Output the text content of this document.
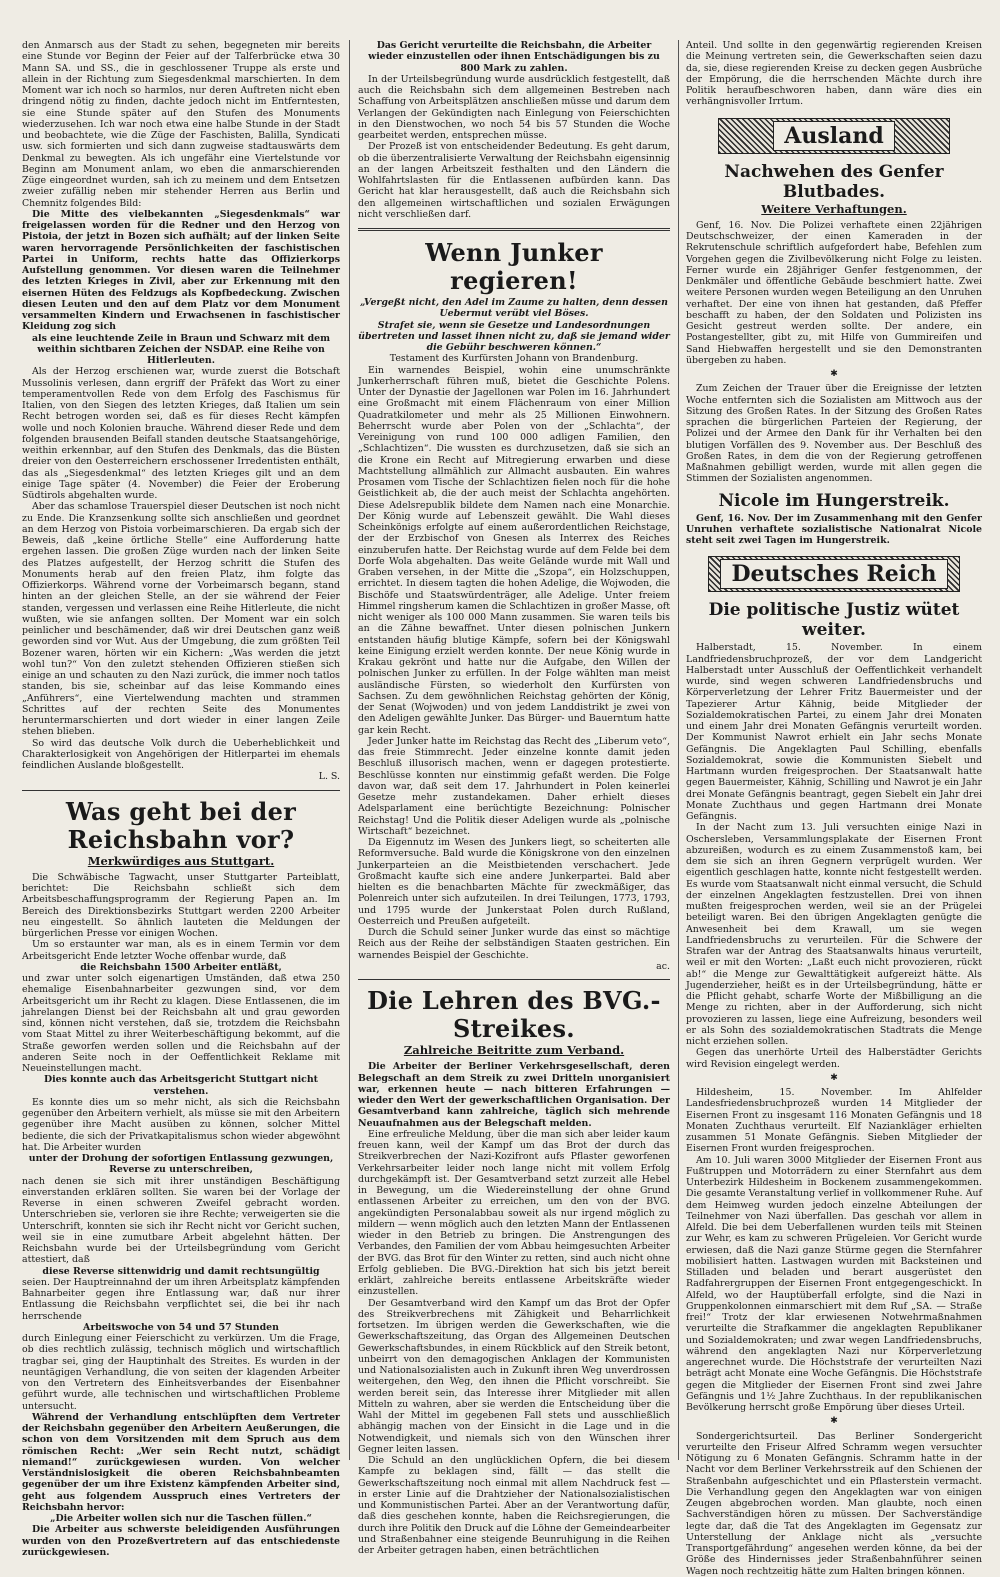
den Anmarsch aus der Stadt zu sehen, begegneten mir bereits eine Stunde vor Beginn der Feier auf der Talferbrücke etwa 30 Mann SA. und SS., die in geschlossener Truppe als erste und allein in der Richtung zum Siegesdenkmal marschierten. In dem Moment war ich noch so harmlos, nur deren Auftreten nicht eben dringend nötig zu finden, dachte jedoch nicht im Entferntesten, sie eine Stunde später auf den Stufen des Monuments wiederzusehen. Ich war noch etwa eine halbe Stunde in der Stadt und beobachtete, wie die Züge der Faschisten, Balilla, Syndicati usw. sich formierten und sich dann zugweise stadtauswärts dem Denkmal zu bewegten. Als ich ungefähr eine Viertelstunde vor Beginn am Monument anlam, wo eben die anmarschierenden Züge eingeordnet wurden, sah ich zu meinem und dem Entsetzen zweier zufällig neben mir stehender Herren aus Berlin und Chemnitz folgendes Bild:

Die Mitte des vielbekannten „Siegesdenkmals“ war freigelassen worden für die Redner und den Herzog von Pistoia, der jetzt in Bozen sich aufhält; auf der linken Seite waren hervorragende Persönlichkeiten der faschistischen Partei in Uniform, rechts hatte das Offizierkorps Aufstellung genommen. Vor diesen waren die Teilnehmer des letzten Krieges in Zivil, aber zur Erkennung mit den eisernen Hüten des Feldzugs als Kopfbedeckung. Zwischen diesen Leuten und den auf dem Platz vor dem Monument versammelten Kindern und Erwachsenen in faschistischer Kleidung zog sich

als eine leuchtende Zeile in Braun und Schwarz mit dem weithin sichtbaren Zeichen der NSDAP. eine Reihe von Hitlerleuten.

Als der Herzog erschienen war, wurde zuerst die Botschaft Mussolinis verlesen, dann ergriff der Präfekt das Wort zu einer temperamentvollen Rede von dem Erfolg des Faschismus für Italien, von den Siegen des letzten Krieges, daß Italien um sein Recht betrogen worden sei, daß es für dieses Recht kämpfen wolle und noch Kolonien brauche. Während dieser Rede und dem folgenden brausenden Beifall standen deutsche Staatsangehörige, weithin erkennbar, auf den Stufen des Denkmals, das die Büsten dreier von den Oesterreichern erschossener Irredentisten enthält, das als „Siegesdenkmal“ des letzten Krieges gilt und an dem einige Tage später (4. November) die Feier der Eroberung Südtirols abgehalten wurde.

Aber das schamlose Trauerspiel dieser Deutschen ist noch nicht zu Ende. Die Kranzsenkung sollte sich anschließen und geordnet an dem Herzog von Pistoia vorbeimarschieren. Da ergab sich der Beweis, daß „keine örtliche Stelle“ eine Aufforderung hatte ergehen lassen. Die großen Züge wurden nach der linken Seite des Platzes aufgestellt, der Herzog schritt die Stufen des Monuments herab auf den freien Platz, ihm folgte das Offizierkorps. Während vorne der Vorbeimarsch begann, stand hinten an der gleichen Stelle, an der sie während der Feier standen, vergessen und verlassen eine Reihe Hitlerleute, die nicht wußten, wie sie anfangen sollten. Der Moment war ein solch peinlicher und beschämender, daß wir drei Deutschen ganz weiß geworden sind vor Wut. Aus der Umgebung, die zum größten Teil Bozener waren, hörten wir ein Kichern: „Was werden die jetzt wohl tun?“ Von den zuletzt stehenden Offizieren stießen sich einige an und schauten zu den Nazi zurück, die immer noch tatlos standen, bis sie, scheinbar auf das leise Kommando eines „Anführers“, eine Viertelwendung machten und strammen Schrittes auf der rechten Seite des Monumentes heruntermarschierten und dort wieder in einer langen Zeile stehen blieben.

So wird das deutsche Volk durch die Ueberheblichkeit und Charakterlosigkeit von Angehörigen der Hitlerpartei im ehemals feindlichen Auslande bloßgestellt.

L. S.

Was geht bei der Reichsbahn vor?
Merkwürdiges aus Stuttgart.

Die Schwäbische Tagwacht, unser Stuttgarter Parteiblatt, berichtet: Die Reichsbahn schließt sich dem Arbeitsbeschaffungsprogramm der Regierung Papen an. Im Bereich des Direktionsbezirks Stuttgart werden 2200 Arbeiter neu eingestellt. So ähnlich lauteten die Meldungen der bürgerlichen Presse vor einigen Wochen.

Um so erstaunter war man, als es in einem Termin vor dem Arbeitsgericht Ende letzter Woche offenbar wurde, daß

die Reichsbahn 1500 Arbeiter entläßt,

und zwar unter solch eigenartigen Umständen, daß etwa 250 ehemalige Eisenbahnarbeiter gezwungen sind, vor dem Arbeitsgericht um ihr Recht zu klagen. Diese Entlassenen, die im jahrelangen Dienst bei der Reichsbahn alt und grau geworden sind, können nicht verstehen, daß sie, trotzdem die Reichsbahn vom Staat Mittel zu ihrer Weiterbeschäftigung bekommt, auf die Straße geworfen werden sollen und die Reichsbahn auf der anderen Seite noch in der Oeffentlichkeit Reklame mit Neueinstellungen macht.

Dies konnte auch das Arbeitsgericht Stuttgart nicht verstehen.

Es konnte dies um so mehr nicht, als sich die Reichsbahn gegenüber den Arbeitern verhielt, als müsse sie mit den Arbeitern gegenüber ihre Macht ausüben zu können, solcher Mittel bediente, die sich der Privatkapitalismus schon wieder abgewöhnt hat. Die Arbeiter wurden

unter der Drohung der sofortigen Entlassung gezwungen, Reverse zu unterschreiben,

nach denen sie sich mit ihrer unständigen Beschäftigung einverstanden erklären sollten. Sie waren bei der Vorlage der Reverse in einen schweren Zweifel gebracht worden. Unterschrieben sie, verloren sie ihre Rechte; verweigerten sie die Unterschrift, konnten sie sich ihr Recht nicht vor Gericht suchen, weil sie in eine zumutbare Arbeit abgelehnt hätten. Der Reichsbahn wurde bei der Urteilsbegründung vom Gericht attestiert, daß

diese Reverse sittenwidrig und damit rechtsungültig

seien. Der Hauptreinnahnd der um ihren Arbeitsplatz kämpfenden Bahnarbeiter gegen ihre Entlassung war, daß nur ihrer Entlassung die Reichsbahn verpflichtet sei, die bei ihr nach herrschende

Arbeitswoche von 54 und 57 Stunden

durch Einlegung einer Feierschicht zu verkürzen. Um die Frage, ob dies rechtlich zulässig, technisch möglich und wirtschaftlich tragbar sei, ging der Hauptinhalt des Streites. Es wurden in der neuntägigen Verhandlung, die von seiten der klagenden Arbeiter von den Vertretern des Einheitsverbandes der Eisenbahner geführt wurde, alle technischen und wirtschaftlichen Probleme untersucht.

Während der Verhandlung entschlüpften dem Vertreter der Reichsbahn gegenüber den Arbeitern Aeußerungen, die schon von dem Vorsitzenden mit dem Spruch aus dem römischen Recht: „Wer sein Recht nutzt, schädigt niemand!“ zurückgewiesen wurden. Von welcher Verständnislosigkeit die oberen Reichsbahnbeamten gegenüber der um ihre Existenz kämpfenden Arbeiter sind, geht aus folgendem Ausspruch eines Vertreters der Reichsbahn hervor:

„Die Arbeiter wollen sich nur die Taschen füllen.“

Die Arbeiter aus schwerste beleidigenden Ausführungen wurden von den Prozeßvertretern auf das entschiedenste zurückgewiesen.

Das Gericht verurteilte die Reichsbahn, die Arbeiter wieder einzustellen oder ihnen Entschädigungen bis zu 800 Mark zu zahlen.

In der Urteilsbegründung wurde ausdrücklich festgestellt, daß auch die Reichsbahn sich dem allgemeinen Bestreben nach Schaffung von Arbeitsplätzen anschließen müsse und darum dem Verlangen der Gekündigten nach Einlegung von Feierschichten in den Dienstwochen, wo noch 54 bis 57 Stunden die Woche gearbeitet werden, entsprechen müsse.

Der Prozeß ist von entscheidender Bedeutung. Es geht darum, ob die überzentralisierte Verwaltung der Reichsbahn eigensinnig an der langen Arbeitszeit festhalten und den Ländern die Wohlfahrtslasten für die Entlassenen aufbürden kann. Das Gericht hat klar herausgestellt, daß auch die Reichsbahn sich den allgemeinen wirtschaftlichen und sozialen Erwägungen nicht verschließen darf.

Wenn Junker regieren!

„Vergeßt nicht, den Adel im Zaume zu halten, denn dessen Uebermut verübt viel Böses.

Strafet sie, wenn sie Gesetze und Landesordnungen übertreten und lasset ihnen nicht zu, daß sie jemand wider die Gebühr beschweren können.“

Testament des Kurfürsten Johann von Brandenburg.

Ein warnendes Beispiel, wohin eine unumschränkte Junkerherrschaft führen muß, bietet die Geschichte Polens. Unter der Dynastie der Jagellonen war Polen im 16. Jahrhundert eine Großmacht mit einem Flächenraum von einer Million Quadratkilometer und mehr als 25 Millionen Einwohnern. Beherrscht wurde aber Polen von der „Schlachta“, der Vereinigung von rund 100 000 adligen Familien, den „Schlachtizen“. Die wussten es durchzusetzen, daß sie sich an die Krone ein Recht auf Mitregierung erwarben und diese Machtstellung allmählich zur Allmacht ausbauten. Ein wahres Prosamen vom Tische der Schlachtizen fielen noch für die hohe Geistlichkeit ab, die der auch meist der Schlachta angehörten. Diese Adelsrepublik bildete dem Namen nach eine Monarchie. Der König wurde auf Lebenszeit gewählt. Die Wahl dieses Scheinkönigs erfolgte auf einem außerordentlichen Reichstage, der der Erzbischof von Gnesen als Interrex des Reiches einzuberufen hatte. Der Reichstag wurde auf dem Felde bei dem Dorfe Wola abgehalten. Das weite Gelände wurde mit Wall und Graben versehen, in der Mitte die „Szopa“, ein Holzschuppen, errichtet. In diesem tagten die hohen Adelige, die Wojwoden, die Bischöfe und Staatswürdenträger, alle Adelige. Unter freiem Himmel ringsherum kamen die Schlachtizen in großer Masse, oft nicht weniger als 100 000 Mann zusammen. Sie waren teils bis an die Zähne bewaffnet. Unter diesen polnischen Junkern entstanden häufig blutige Kämpfe, sofern bei der Königswahl keine Einigung erzielt werden konnte. Der neue König wurde in Krakau gekrönt und hatte nur die Aufgabe, den Willen der polnischen Junker zu erfüllen. In der Folge wählten man meist ausländische Fürsten, so wiederholt den Kurfürsten von Sachsen. Zu dem gewöhnlichen Reichstag gehörten der König, der Senat (Wojwoden) und von jedem Landdistrikt je zwei von den Adeligen gewählte Junker. Das Bürger- und Bauerntum hatte gar kein Recht.

Jeder Junker hatte im Reichstag das Recht des „Liberum veto“, das freie Stimmrecht. Jeder einzelne konnte damit jeden Beschluß illusorisch machen, wenn er dagegen protestierte. Beschlüsse konnten nur einstimmig gefaßt werden. Die Folge davon war, daß seit dem 17. Jahrhundert in Polen keinerlei Gesetze mehr zustandekamen. Daher erhielt dieses Adelsparlament eine berüchtigte Bezeichnung: Polnischer Reichstag! Und die Politik dieser Adeligen wurde als „polnische Wirtschaft“ bezeichnet.

Da Eigennutz im Wesen des Junkers liegt, so scheiterten alle Reformversuche. Bald wurde die Königskrone von den einzelnen Junkerparteien an die Meistbietenden verschachert. Jede Großmacht kaufte sich eine andere Junkerpartei. Bald aber hielten es die benachbarten Mächte für zweckmäßiger, das Polenreich unter sich aufzuteilen. In drei Teilungen, 1773, 1793, und 1795 wurde der Junkerstaat Polen durch Rußland, Oesterreich und Preußen aufgeteilt.

Durch die Schuld seiner Junker wurde das einst so mächtige Reich aus der Reihe der selbständigen Staaten gestrichen. Ein warnendes Beispiel der Geschichte.

ac.

Die Lehren des BVG.-Streikes.
Zahlreiche Beitritte zum Verband.

Die Arbeiter der Berliner Verkehrsgesellschaft, deren Belegschaft an dem Streik zu zwei Dritteln unorganisiert war, erkennen heute — nach bitteren Erfahrungen — wieder den Wert der gewerkschaftlichen Organisation. Der Gesamtverband kann zahlreiche, täglich sich mehrende Neuaufnahmen aus der Belegschaft melden.

Eine erfreuliche Meldung, über die man sich aber leider kaum freuen kann, weil der Kampf um das Brot der durch das Streikverbrechen der Nazi-Kozifront aufs Pflaster geworfenen Verkehrsarbeiter leider noch lange nicht mit vollem Erfolg durchgekämpft ist. Der Gesamtverband setzt zurzeit alle Hebel in Bewegung, um die Wiedereinstellung der ohne Grund entlassenen Arbeiter zu erreichen, um den von der BVG. angekündigten Personalabbau soweit als nur irgend möglich zu mildern — wenn möglich auch den letzten Mann der Entlassenen wieder in den Betrieb zu bringen. Die Anstrengungen des Verbandes, den Familien der vom Abbau heimgesuchten Arbeiter der BVG. das Brot für den Winter zu retten, sind auch nicht ohne Erfolg geblieben. Die BVG.-Direktion hat sich bis jetzt bereit erklärt, zahlreiche bereits entlassene Arbeitskräfte wieder einzustellen.

Der Gesamtverband wird den Kampf um das Brot der Opfer des Streikverbrechens mit Zähigkeit und Beharrlichkeit fortsetzen. Im übrigen werden die Gewerkschaften, wie die Gewerkschaftszeitung, das Organ des Allgemeinen Deutschen Gewerkschaftsbundes, in einem Rückblick auf den Streik betont, unbeirrt von den demagogischen Anklagen der Kommunisten und Nationalsozialisten auch in Zukunft ihren Weg unverdrossen weitergehen, den Weg, den ihnen die Pflicht vorschreibt. Sie werden bereit sein, das Interesse ihrer Mitglieder mit allen Mitteln zu wahren, aber sie werden die Entscheidung über die Wahl der Mittel im gegebenen Fall stets und ausschließlich abhängig machen von der Einsicht in die Lage und in die Notwendigkeit, und niemals sich von den Wünschen ihrer Gegner leiten lassen.

Die Schuld an den unglücklichen Opfern, die bei diesem Kampfe zu beklagen sind, fällt — das stellt die Gewerkschaftszeitung noch einmal mit allem Nachdruck fest — in erster Linie auf die Drahtzieher der Nationalsozialistischen und Kommunistischen Partei. Aber an der Verantwortung dafür, daß dies geschehen konnte, haben die Reichsregierungen, die durch ihre Politik den Druck auf die Löhne der Gemeindearbeiter und Straßenbahner eine steigende Beunruhigung in die Reihen der Arbeiter getragen haben, einen beträchtlichen

Anteil. Und sollte in den gegenwärtig regierenden Kreisen die Meinung vertreten sein, die Gewerkschaften seien dazu da, sie, diese regierenden Kreise zu decken gegen Ausbrüche der Empörung, die die herrschenden Mächte durch ihre Politik heraufbeschworen haben, dann wäre dies ein verhängnisvoller Irrtum.

Ausland
Nachwehen des Genfer Blutbades.
Weitere Verhaftungen.

Genf, 16. Nov. Die Polizei verhaftete einen 22jährigen Deutschschweizer, der einen Kameraden in der Rekrutenschule schriftlich aufgefordert habe, Befehlen zum Vorgehen gegen die Zivilbevölkerung nicht Folge zu leisten. Ferner wurde ein 28jähriger Genfer festgenommen, der Denkmäler und öffentliche Gebäude beschmiert hatte. Zwei weitere Personen wurden wegen Beteiligung an den Unruhen verhaftet. Der eine von ihnen hat gestanden, daß Pfeffer beschafft zu haben, der den Soldaten und Polizisten ins Gesicht gestreut werden sollte. Der andere, ein Postangestellter, gibt zu, mit Hilfe von Gummireifen und Sand Hiebwaffen hergestellt und sie den Demonstranten übergeben zu haben.

✱

Zum Zeichen der Trauer über die Ereignisse der letzten Woche entfernten sich die Sozialisten am Mittwoch aus der Sitzung des Großen Rates. In der Sitzung des Großen Rates sprachen die bürgerlichen Parteien der Regierung, der Polizei und der Armee den Dank für ihr Verhalten bei den blutigen Vorfällen des 9. November aus. Der Beschluß des Großen Rates, in dem die von der Regierung getroffenen Maßnahmen gebilligt werden, wurde mit allen gegen die Stimmen der Sozialisten angenommen.

Nicole im Hungerstreik.

Genf, 16. Nov. Der im Zusammenhang mit den Genfer Unruhen verhaftete sozialistische Nationalrat Nicole steht seit zwei Tagen im Hungerstreik.

Deutsches Reich
Die politische Justiz wütet weiter.

Halberstadt, 15. November. In einem Landfriedensbruchprozeß, der vor dem Landgericht Halberstadt unter Ausschluß der Oeffentlichkeit verhandelt wurde, sind wegen schweren Landfriedensbruchs und Körperverletzung der Lehrer Fritz Bauermeister und der Tapezierer Artur Kähnig, beide Mitglieder der Sozialdemokratischen Partei, zu einem Jahr drei Monaten und einem Jahr drei Monaten Gefängnis verurteilt worden. Der Kommunist Nawrot erhielt ein Jahr sechs Monate Gefängnis. Die Angeklagten Paul Schilling, ebenfalls Sozialdemokrat, sowie die Kommunisten Siebelt und Hartmann wurden freigesprochen. Der Staatsanwalt hatte gegen Bauermeister, Kähnig, Schilling und Nawrot je ein Jahr drei Monate Gefängnis beantragt, gegen Siebelt ein Jahr drei Monate Zuchthaus und gegen Hartmann drei Monate Gefängnis.

In der Nacht zum 13. Juli versuchten einige Nazi in Oschersleben, Versammlungsplakate der Eisernen Front abzureißen, wodurch es zu einem Zusammenstoß kam, bei dem sie sich an ihren Gegnern verprügelt wurden. Wer eigentlich geschlagen hatte, konnte nicht festgestellt werden. Es wurde vom Staatsanwalt nicht einmal versucht, die Schuld der einzelnen Angeklagten festzustellen. Drei von ihnen mußten freigesprochen werden, weil sie an der Prügelei beteiligt waren. Bei den übrigen Angeklagten genügte die Anwesenheit bei dem Krawall, um sie wegen Landfriedensbruchs zu verurteilen. Für die Schwere der Strafen war der Antrag des Staatsanwalts hinaus verurteilt, weil er mit den Worten: „Laßt euch nicht provozieren, rückt ab!“ die Menge zur Gewalttätigkeit aufgereizt hätte. Als Jugenderzieher, heißt es in der Urteilsbegründung, hätte er die Pflicht gehabt, scharfe Worte der Mißbilligung an die Menge zu richten, aber in der Aufforderung, sich nicht provozieren zu lassen, liege eine Aufreizung, besonders weil er als Sohn des sozialdemokratischen Stadtrats die Menge nicht erziehen sollen.

Gegen das unerhörte Urteil des Halberstädter Gerichts wird Revision eingelegt werden.

✱

Hildesheim, 15. November. Im Ahlfelder Landesfriedensbruchprozeß wurden 14 Mitglieder der Eisernen Front zu insgesamt 116 Monaten Gefängnis und 18 Monaten Zuchthaus verurteilt. Elf Naziankläger erhielten zusammen 51 Monate Gefängnis. Sieben Mitglieder der Eisernen Front wurden freigesprochen.

Am 10. Juli waren 3000 Mitglieder der Eisernen Front aus Fußtruppen und Motorrädern zu einer Sternfahrt aus dem Unterbezirk Hildesheim in Bockenem zusammengekommen. Die gesamte Veranstaltung verlief in vollkommener Ruhe. Auf dem Heimweg wurden jedoch einzelne Abteilungen der Teilnehmer von Nazi überfallen. Das geschah vor allem in Alfeld. Die bei dem Ueberfallenen wurden teils mit Steinen zur Wehr, es kam zu schweren Prügeleien. Vor Gericht wurde erwiesen, daß die Nazi ganze Stürme gegen die Sternfahrer mobilisiert hatten. Lastwagen wurden mit Backsteinen und Stilladen und beladen und berart ausgerüstet den Radfahrergruppen der Eisernen Front entgegengeschickt. In Alfeld, wo der Hauptüberfall erfolgte, sind die Nazi in Gruppenkolonnen einmarschiert mit dem Ruf „SA. — Straße frei!“ Trotz der klar erwiesenen Notwehrmaßnahmen verurteilte die Strafkammer die angeklagten Republikaner und Sozialdemokraten; und zwar wegen Landfriedensbruchs, während den angeklagten Nazi nur Körperverletzung angerechnet wurde. Die Höchststrafe der verurteilten Nazi beträgt acht Monate eine Woche Gefängnis. Die Höchststrafe gegen die Mitglieder der Eisernen Front sind zwei Jahre Gefängnis und 1½ Jahre Zuchthaus. In der republikanischen Bevölkerung herrscht große Empörung über dieses Urteil.

✱

Sondergerichtsurteil. Das Berliner Sondergericht verurteilte den Friseur Alfred Schramm wegen versuchter Nötigung zu 6 Monaten Gefängnis. Schramm hatte in der Nacht vor dem Berliner Verkehrsstreik auf den Schienen der Straßenbahn aufgeschichtet und ein Pflasterstein vermacht. Die Verhandlung gegen den Angeklagten war von einigen Zeugen abgebrochen worden. Man glaubte, noch einen Sachverständigen hören zu müssen. Der Sachverständige legte dar, daß die Tat des Angeklagten im Gegensatz zur Unterstellung der Anklage nicht als „versuchte Transportgefährdung“ angesehen werden könne, da bei der Größe des Hindernisses jeder Straßenbahnführer seinen Wagen noch rechtzeitig hätte zum Halten bringen können.
